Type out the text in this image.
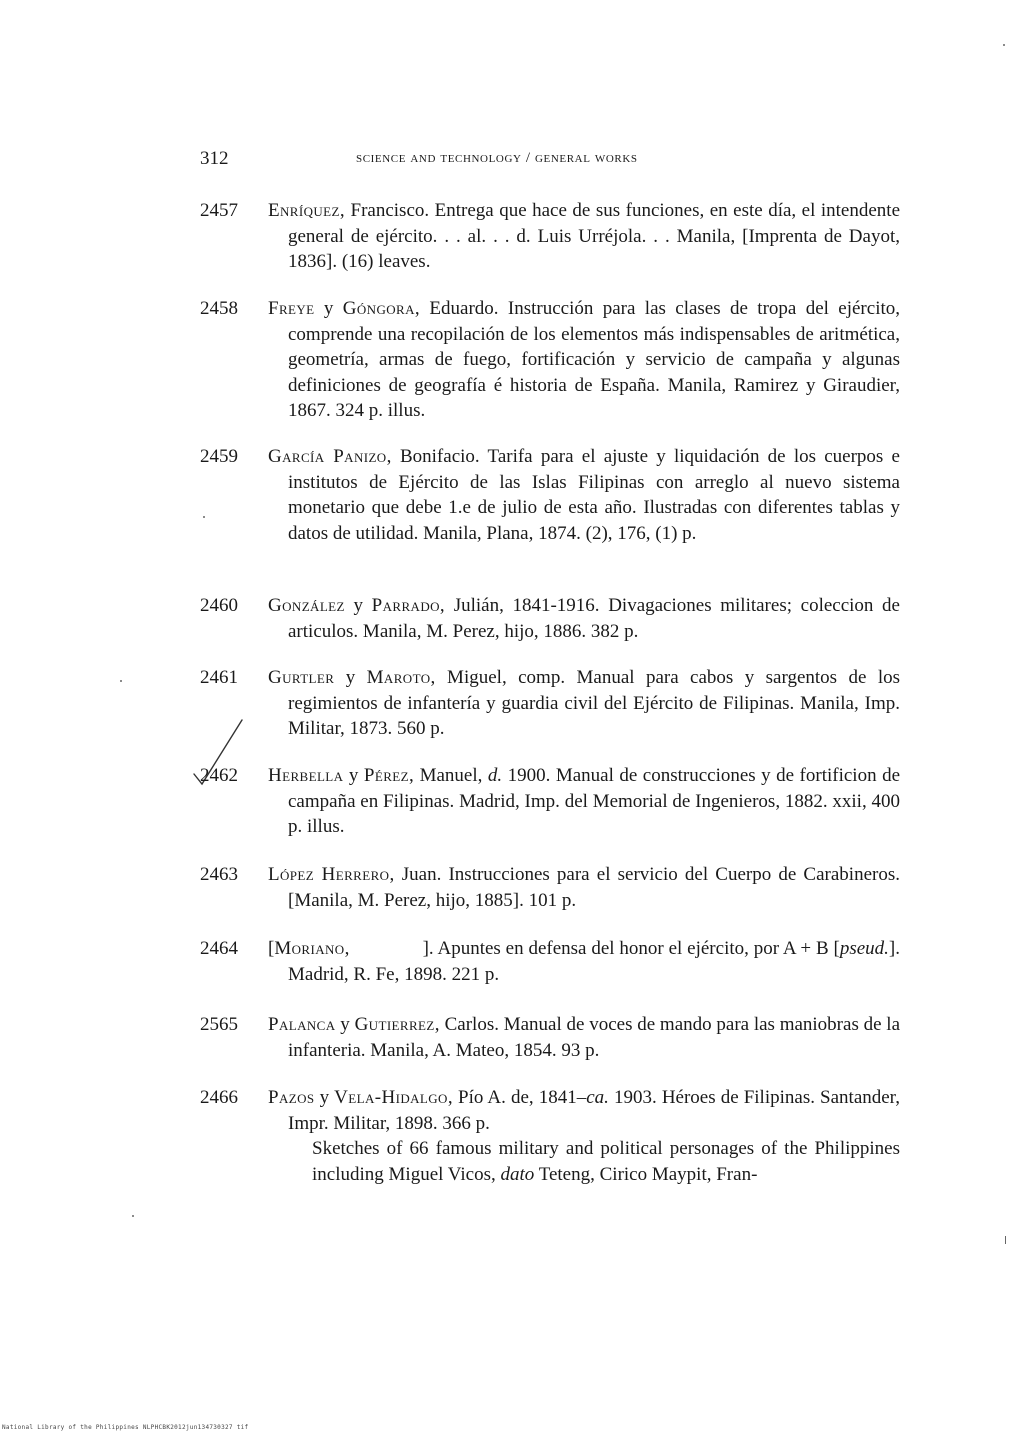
312	science and technology / general works
2457	Enríquez, Francisco. Entrega que hace de sus funciones, en este día, el intendente general de ejército. . . al. . . d. Luis Urréjola. . . Manila, [Imprenta de Dayot, 1836]. (16) leaves.
2458	Freye y Góngora, Eduardo. Instrucción para las clases de tropa del ejército, comprende una recopilación de los elementos más indispensables de aritmética, geometría, armas de fuego, fortificación y servicio de campaña y algunas definiciones de geografía é historia de España. Manila, Ramirez y Giraudier, 1867. 324 p. illus.
2459	García Panizo, Bonifacio. Tarifa para el ajuste y liquidación de los cuerpos e institutos de Ejército de las Islas Filipinas con arreglo al nuevo sistema monetario que debe 1.e de julio de esta año. Ilustradas con diferentes tablas y datos de utilidad. Manila, Plana, 1874. (2), 176, (1) p.
2460	González y Parrado, Julián, 1841-1916. Divagaciones militares; coleccion de articulos. Manila, M. Perez, hijo, 1886. 382 p.
2461	Gurtler y Maroto, Miguel, comp. Manual para cabos y sargentos de los regimientos de infantería y guardia civil del Ejército de Filipinas. Manila, Imp. Militar, 1873. 560 p.
2462	Herbella y Pérez, Manuel, d. 1900. Manual de construcciones y de fortificion de campaña en Filipinas. Madrid, Imp. del Memorial de Ingenieros, 1882. xxii, 400 p. illus.
2463	López Herrero, Juan. Instrucciones para el servicio del Cuerpo de Carabineros. [Manila, M. Perez, hijo, 1885]. 101 p.
2464	[Moriano,               ]. Apuntes en defensa del honor el ejército, por A + B [pseud.]. Madrid, R. Fe, 1898. 221 p.
2565	Palanca y Gutierrez, Carlos. Manual de voces de mando para las maniobras de la infanteria. Manila, A. Mateo, 1854. 93 p.
2466	Pazos y Vela-Hidalgo, Pío A. de, 1841–ca. 1903. Héroes de Filipinas. Santander, Impr. Militar, 1898. 366 p.
Sketches of 66 famous military and political personages of the Philippines including Miguel Vicos, dato Teteng, Cirico Maypit, Fran-
National Library of the Philippines NLPHCBK2012jun134730327 tif
